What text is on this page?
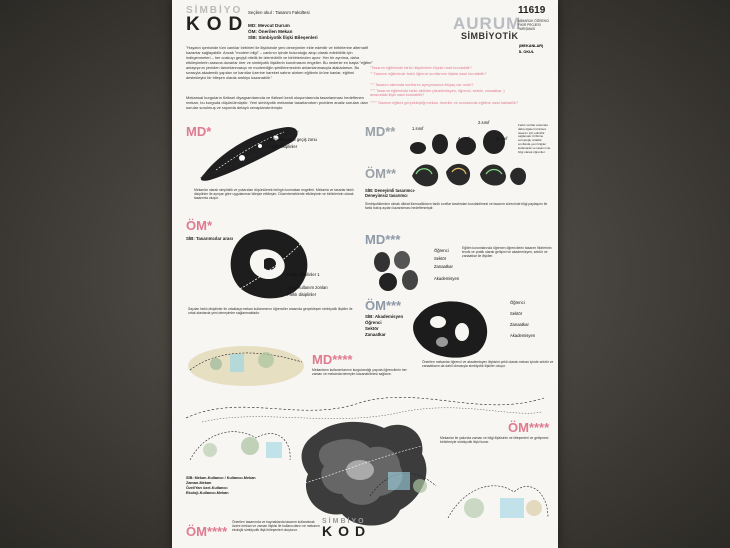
SİMBİYO
KOD
Seçilen okul : Tasarım Fakültesi
MD: Mevcut Durum
ÖM: Önerilen Mekan
SİB: Simbiyotik İlişki Bileşenleri
11619
AURUM
SİMBİYOTİK
MİMARLIK ÖĞRENCİ FİKİR PROJESİ YARIŞMASI
(MEKANLAR)
İL OKUL
"Hayatın içerisinde tüm canlılar birbirleri ile ilişkisinde yeni deneyimler elde edebilir ve birbirlerine alternatif kazanlar sağlayabilir. Ancak "modern bilgi" – canlının içinde bulunduğu akışı olarak edebilirlik için indirgenmeleri – her coskuyı geçişli nitelik ile izlenirdirilir ve birbirlerinden ayırır. Her bir ayrılma, daha etkileşimlerin arasına duvarlar örer ve simbiyotik ilişkilerin kurulmasını engeller. Bu nedenle en başta "eğitim" anlayışının yeniden tanımlanmasıyı ve modernliğin şekillenmesinin anlamlanmasıyla alakadarsın. Bu sırasıyla akademik yapıları ve kanıtlar üzerine hareket sahne alırken eğitimin ürüne kanlar, eğitimi destekleyici bir bileşen olarak ambiyo kazanabilir."
Mekansal kurguların fiziksel diyagramlarında ve fiziksel kesit oluşumlarında tasarlanması hedeflenen mekan, bu kurguda düşünülmüştür. Yeni simbiyotik mekanlar tasarlanırken problem analiz soruları olan sorular sorulmuş ve raporda detaylı cevaplandırılmıştır.
"Tasarım eğitiminde farklı disiplinlerin ilişkisi nasıl kurulabilir?
"" Tasarım eğitiminde farklı öğrenci sınıflarının ilişkisi nasıl kurulabilir?
""" Tasarım alanında sınıflarını aynıymasına ihtiyaç var mıdır?
"""" Tasarım eğitiminde farklı aktörler (akademisyen, öğrenci, sektör, zanaatkar..) arasındaki ilişki nasıl kurulabilir?
""""" Tasarım eğitimi gerçekleştiği mekan, öneriler ve sonrasında eğitime nasıl katılabilir?
MD*
Mekanlar arası geçiş zonu
Farklı disiplinler
Mekanlar olarak simplistik ve yukarıdan düşünülerek belirgin kurmakan engelleri. Mekanla ve tasarlar farklı disiplinler ile ayrışar göre uygulanmaz bileşke etkileşim. Düzenlemeklerde etkileşimin ve birbirlerinin olarak tasarımla oluşur.
MD**	1.sınıf
2.sınıf
3.sınıf
4.sınıf
Farklı sınıflar arasında daha öğeleri ürünlere tasarım için edinirlik sağlamak, birbirine soruştuğu ortaklık sınıflarda yeni bilgiler kullanarak ve tasarım ile bilgi olarak öğreniler.
ÖM**
SİB: Deneyimli tasarımcı-Deneyimsiz tasarımcı
Simbiyotiklerden olmak dikkat fürmsallıkların farklı sınıflar tarafından kurulabilmesi ve tasarım sürecinde bilgi paylaşımı ile farklı bakış açıları kazanılması hedeflenmiştir.
ÖM*
SİB: Tasarımcılar arası
Farklı disiplinler 1
Ortak kullanım zonları
Farklı disiplinler
Sayılan farklı disiplinler ile ortaklaşa mekan kullanımının öğrenciler arasında gerçekleşen simbiyotik ilişkiler ile ortak alanlarda yeni deneyimler sağlanmaktadır.
MD***
Öğrenci
Sektör
Zanaatkar
Akademisyen
Eğitim kurumlarında öğrenen öğrencilerin tasarım fikirlerinin teorik ve pratik olarak gelişimi ve akademisyen, sektör ve zanaatkar ile ilişkiler.
ÖM***
SİB: Akademisyen
Öğrenci
Sektör
Zanaatkar
Öğrenci
Sektör
Zanaatkar
Akademisyen
Önerilen mekanlar öğrenci ve akademisyen ilişkisini çekti olarak mekan içinde sektör ve zanaatkarın da dahil olmasıyla simbiyotik ilişkiler oluşur.
MD****
Mekanların kullanımlarının kurgulandığı yapıda öğrencilerin her zaman ve mekanda deneyim kazanabilmesi sağlanır.
SİMBİYO
KOD
SİB: Mekan-Kullanıcı / Kullanıcı-Mekan
Zaman-Mekan
Özel/Yarı özel-Kullanıcı
Ekoloji-Kullanıcı-Mekan
ÖM****
Önerilen tasarımda ve kaynaklarda tasarım kullanılmak üzere mekan ve zaman ilişkisi ile kullanıcıların ve mekanın ekolojik simbiyotik ilişki bileşenleri oluşturur.
ÖM****
Mekanlar ile yakında zaman ve bilgi ilişkisinin ve bileşenleri ve gelişmesi birbirleriyle simbiyotik ilişki kurar.
